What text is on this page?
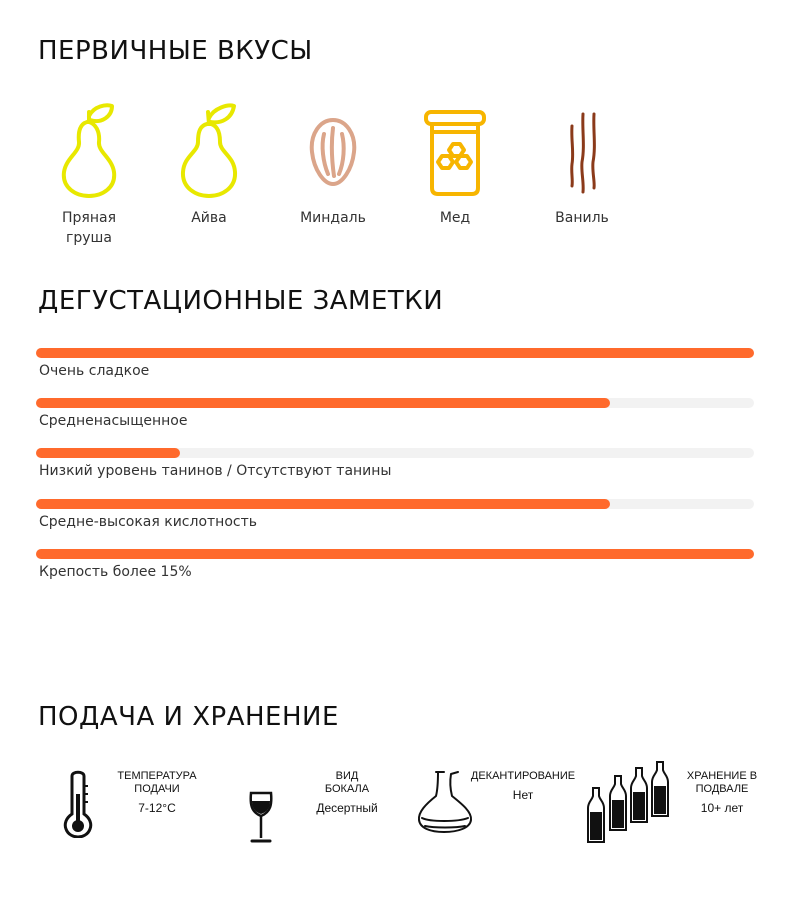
ПЕРВИЧНЫЕ ВКУСЫ
Пряная груша
Айва	Миндаль	Мед	Ваниль
ДЕГУСТАЦИОННЫЕ ЗАМЕТКИ
Очень сладкое
Средненасыщенное
Низкий уровень танинов / Отсутствуют танины
Средне-высокая кислотность
Крепость более 15%
ПОДАЧА И ХРАНЕНИЕ
ТЕМПЕРАТУРА
ПОДАЧИ
7-12°C
ВИД
БОКАЛА
Десертный
ДЕКАНТИРОВАНИЕ
Нет
ХРАНЕНИЕ В
ПОДВАЛЕ
10+ лет
